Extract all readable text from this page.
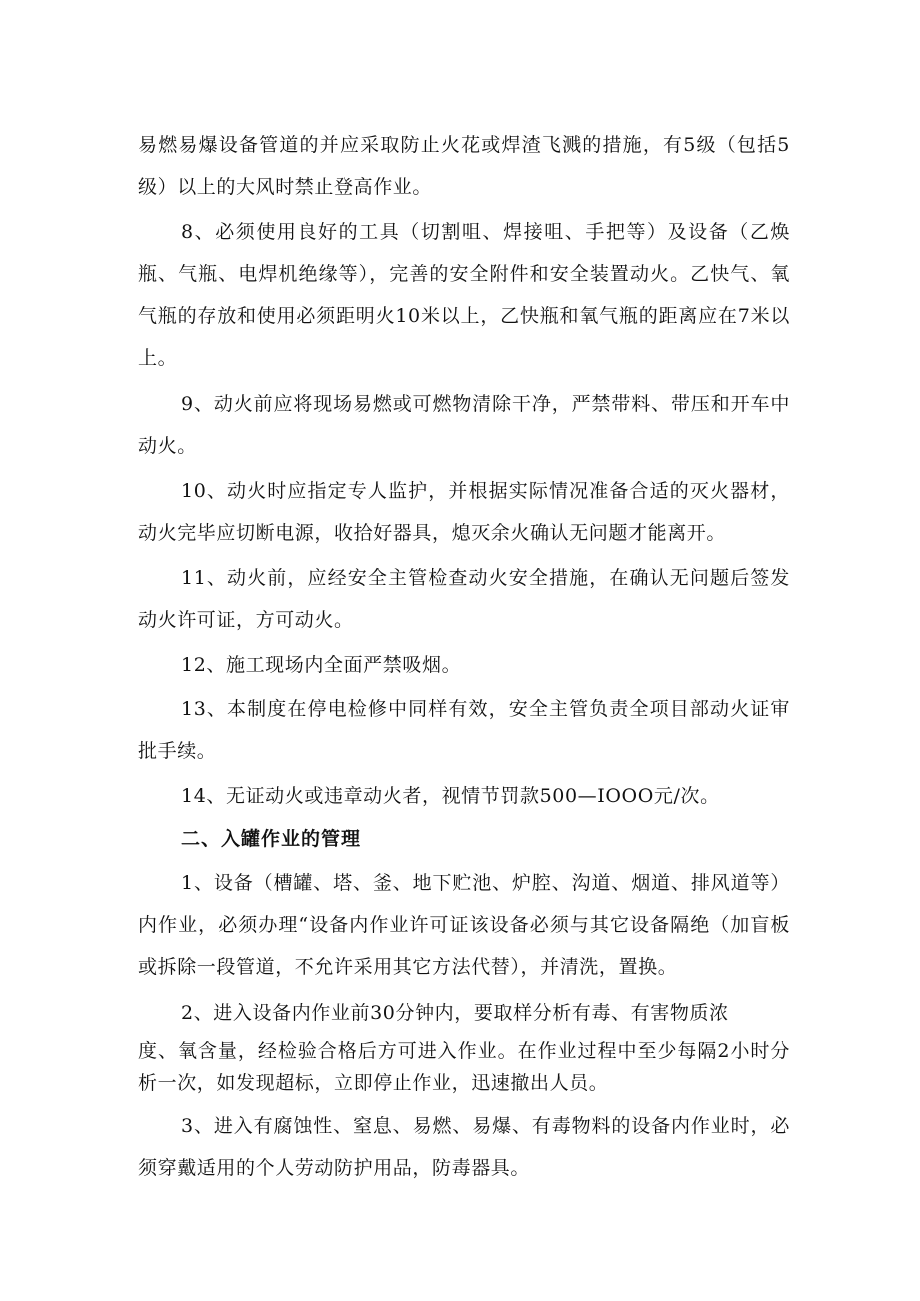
易燃易爆设备管道的并应采取防止火花或焊渣飞溅的措施，有5级（包括5级）以上的大风时禁止登高作业。

8、必须使用良好的工具（切割咀、焊接咀、手把等）及设备（乙焕瓶、气瓶、电焊机绝缘等），完善的安全附件和安全装置动火。乙快气、氧气瓶的存放和使用必须距明火10米以上，乙快瓶和氧气瓶的距离应在7米以上。

9、动火前应将现场易燃或可燃物清除干净，严禁带料、带压和开车中动火。

10、动火时应指定专人监护，并根据实际情况准备合适的灭火器材，动火完毕应切断电源，收拾好器具，熄灭余火确认无问题才能离开。

11、动火前，应经安全主管检查动火安全措施，在确认无问题后签发动火许可证，方可动火。

12、施工现场内全面严禁吸烟。

13、本制度在停电检修中同样有效，安全主管负责全项目部动火证审批手续。

14、无证动火或违章动火者，视情节罚款500—IOOO元/次。

二、入罐作业的管理

1、设备（槽罐、塔、釜、地下贮池、炉腔、沟道、烟道、排风道等）内作业，必须办理“设备内作业许可证该设备必须与其它设备隔绝（加盲板或拆除一段管道，不允许采用其它方法代替），并清洗，置换。

2、进入设备内作业前30分钟内，要取样分析有毒、有害物质浓

度、氧含量，经检验合格后方可进入作业。在作业过程中至少每隔2小时分析一次，如发现超标，立即停止作业，迅速撤出人员。

3、进入有腐蚀性、窒息、易燃、易爆、有毒物料的设备内作业时，必须穿戴适用的个人劳动防护用品，防毒器具。
